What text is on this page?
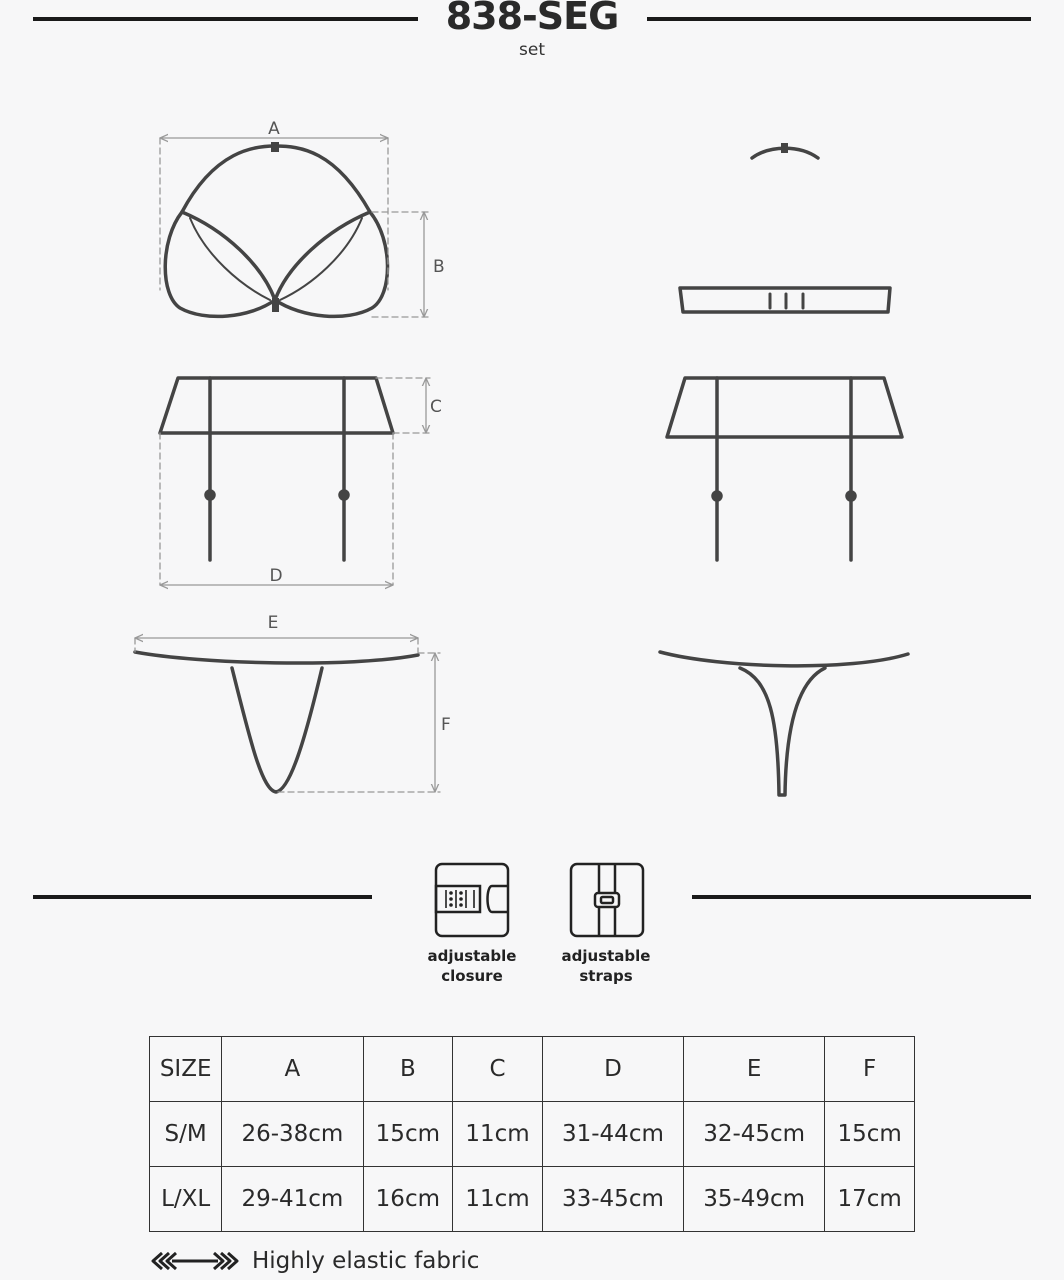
838-SEG
set
A
B
C
D
E
F
adjustable
closure
adjustable
straps
SIZE	A	B	C	D	E	F
S/M	26-38cm	15cm	11cm	31-44cm	32-45cm	15cm
L/XL	29-41cm	16cm	11cm	33-45cm	35-49cm	17cm
Highly elastic fabric
